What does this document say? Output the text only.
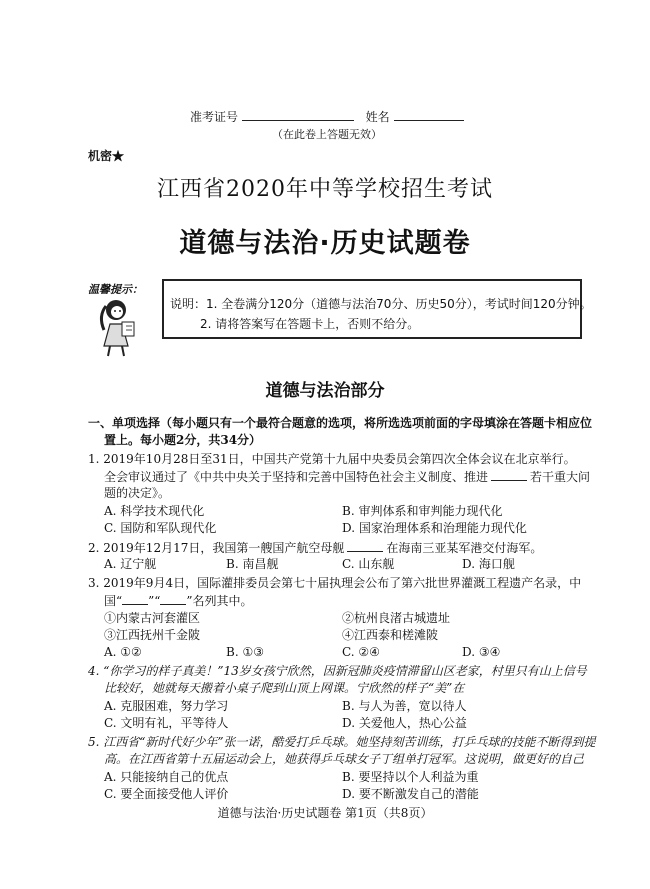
准考证号	姓名
（在此卷上答题无效）
机密★
江西省2020年中等学校招生考试
道德与法治·历史试题卷
温馨提示：
说明：1. 全卷满分120分（道德与法治70分、历史50分），考试时间120分钟。
2. 请将答案写在答题卡上，否则不给分。
道德与法治部分
一、单项选择（每小题只有一个最符合题意的选项，将所选选项前面的字母填涂在答题卡相应位
置上。每小题2分，共34分）
1. 2019年10月28日至31日，中国共产党第十九届中央委员会第四次全体会议在北京举行。
全会审议通过了《中共中央关于坚持和完善中国特色社会主义制度、推进	若干重大问
题的决定》。
A. 科学技术现代化	B. 审判体系和审判能力现代化
C. 国防和军队现代化	D. 国家治理体系和治理能力现代化
2. 2019年12月17日，我国第一艘国产航空母舰	在海南三亚某军港交付海军。
A. 辽宁舰	B. 南昌舰	C. 山东舰	D. 海口舰
3. 2019年9月4日，国际灌排委员会第七十届执理会公布了第六批世界灌溉工程遗产名录，中
国“ ”“ ”名列其中。
①内蒙古河套灌区	②杭州良渚古城遗址
③江西抚州千金陂	④江西泰和槎滩陂
A. ①②	B. ①③	C. ②④	D. ③④
4. “你学习的样子真美！”13岁女孩宁欣然，因新冠肺炎疫情滞留山区老家，村里只有山上信号
比较好，她就每天搬着小桌子爬到山顶上网课。宁欣然的样子“美”在
A. 克服困难，努力学习	B. 与人为善，宽以待人
C. 文明有礼，平等待人	D. 关爱他人，热心公益
5. 江西省“新时代好少年”张一诺，酷爱打乒乓球。她坚持刻苦训练，打乒乓球的技能不断得到提
高。在江西省第十五届运动会上，她获得乒乓球女子丁组单打冠军。这说明，做更好的自己
A. 只能接纳自己的优点	B. 要坚持以个人利益为重
C. 要全面接受他人评价	D. 要不断激发自己的潜能
道德与法治·历史试题卷 第1页（共8页）
